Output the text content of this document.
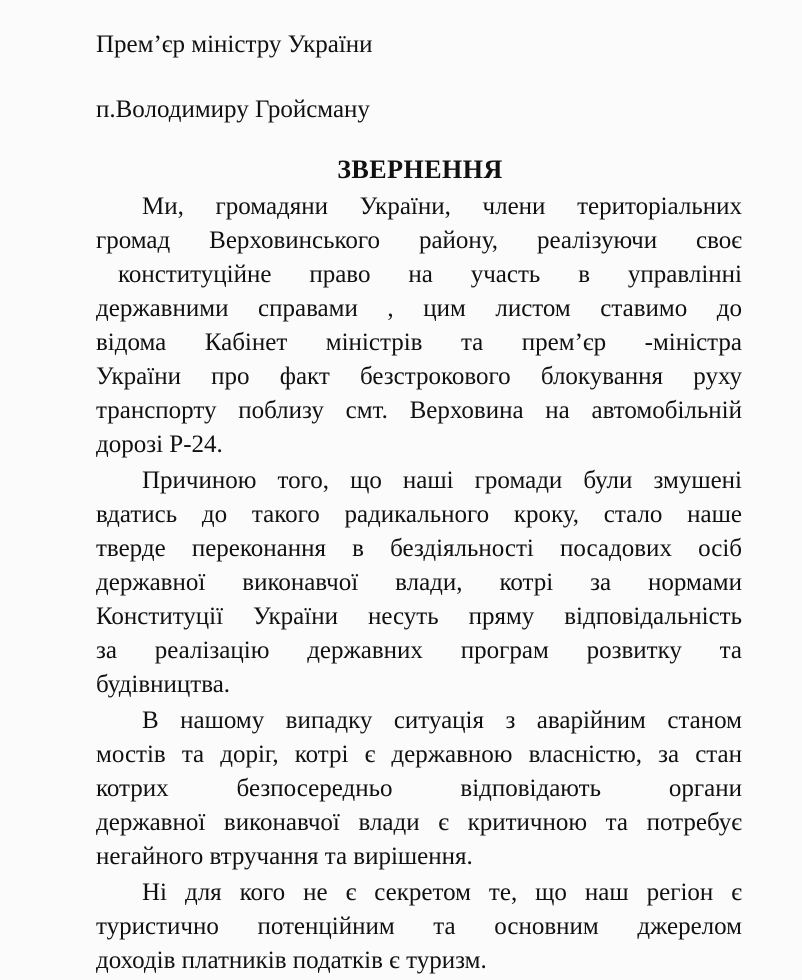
Прем’єр міністру України
п.Володимиру Гройсману
ЗВЕРНЕННЯ
Ми, громадяни України, члени територіальних
громад Верховинського району, реалізуючи своє
конституційне право на участь в управлінні
державними справами , цим листом ставимо до
відома Кабінет міністрів та прем’єр -міністра
України про факт безстрокового блокування руху
транспорту поблизу смт. Верховина на автомобільній
дорозі Р-24.
Причиною того, що наші громади були змушені
вдатись до такого радикального кроку, стало наше
тверде переконання в бездіяльності посадових осіб
державної виконавчої влади, котрі за нормами
Конституції України несуть пряму відповідальність
за реалізацію державних програм розвитку та
будівництва.
В нашому випадку ситуація з аварійним станом
мостів та доріг, котрі є державною власністю, за стан
котрих безпосередньо відповідають органи
державної виконавчої влади є критичною та потребує
негайного втручання та вирішення.
Ні для кого не є секретом те, що наш регіон є
туристично потенційним та основним джерелом
доходів платників податків є туризм.
